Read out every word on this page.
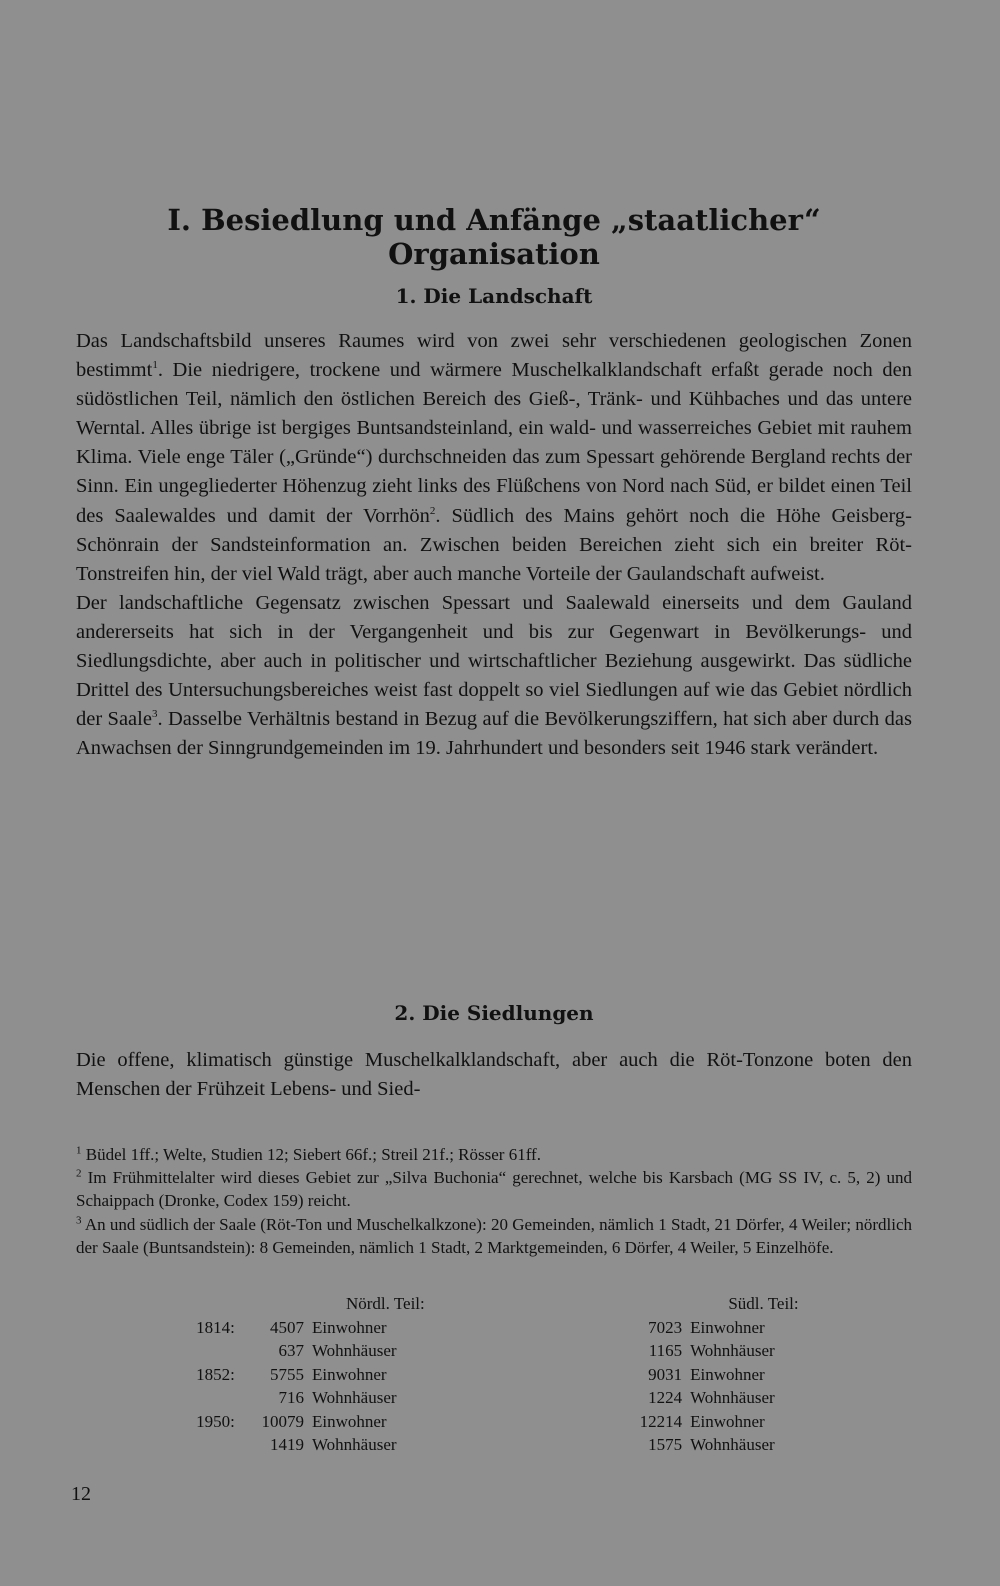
I. Besiedlung und Anfänge „staatlicher“ Organisation
1. Die Landschaft

Das Landschaftsbild unseres Raumes wird von zwei sehr verschiedenen geologischen Zonen bestimmt$^1$. Die niedrigere, trockene und wärmere Muschelkalklandschaft erfaßt gerade noch den südöstlichen Teil, nämlich den östlichen Bereich des Gieß-, Tränk- und Kühbaches und das untere Werntal. Alles übrige ist bergiges Buntsandsteinland, ein wald- und wasserreiches Gebiet mit rauhem Klima. Viele enge Täler („Gründe“) durchschneiden das zum Spessart gehörende Bergland rechts der Sinn. Ein ungegliederter Höhenzug zieht links des Flüßchens von Nord nach Süd, er bildet einen Teil des Saalewaldes und damit der Vorrhön$^2$. Südlich des Mains gehört noch die Höhe Geisberg-Schönrain der Sandsteinformation an. Zwischen beiden Bereichen zieht sich ein breiter Röt-Tonstreifen hin, der viel Wald trägt, aber auch manche Vorteile der Gaulandschaft aufweist.

Der landschaftliche Gegensatz zwischen Spessart und Saalewald einerseits und dem Gauland andererseits hat sich in der Vergangenheit und bis zur Gegenwart in Bevölkerungs- und Siedlungsdichte, aber auch in politischer und wirtschaftlicher Beziehung ausgewirkt. Das südliche Drittel des Untersuchungsbereiches weist fast doppelt so viel Siedlungen auf wie das Gebiet nördlich der Saale$^3$. Dasselbe Verhältnis bestand in Bezug auf die Bevölkerungsziffern, hat sich aber durch das Anwachsen der Sinngrundgemeinden im 19. Jahrhundert und besonders seit 1946 stark verändert.

2. Die Siedlungen

Die offene, klimatisch günstige Muschelkalklandschaft, aber auch die Röt-Tonzone boten den Menschen der Frühzeit Lebens- und Sied-

$^1$ Büdel 1ff.; Welte, Studien 12; Siebert 66f.; Streil 21f.; Rösser 61ff.

$^2$ Im Frühmittelalter wird dieses Gebiet zur „Silva Buchonia“ gerechnet, welche bis Karsbach (MG SS IV, c. 5, 2) und Schaippach (Dronke, Codex 159) reicht.

$^3$ An und südlich der Saale (Röt-Ton und Muschelkalkzone): 20 Gemeinden, nämlich 1 Stadt, 21 Dörfer, 4 Weiler; nördlich der Saale (Buntsandstein): 8 Gemeinden, nämlich 1 Stadt, 2 Marktgemeinden, 6 Dörfer, 4 Weiler, 5 Einzelhöfe.

	Nördl. Teil:			Südl. Teil:	
1814:	4507	Einwohner		7023	Einwohner
	637	Wohnhäuser		1165	Wohnhäuser
1852:	5755	Einwohner		9031	Einwohner
	716	Wohnhäuser		1224	Wohnhäuser
1950:	10079	Einwohner		12214	Einwohner
	1419	Wohnhäuser		1575	Wohnhäuser
12
